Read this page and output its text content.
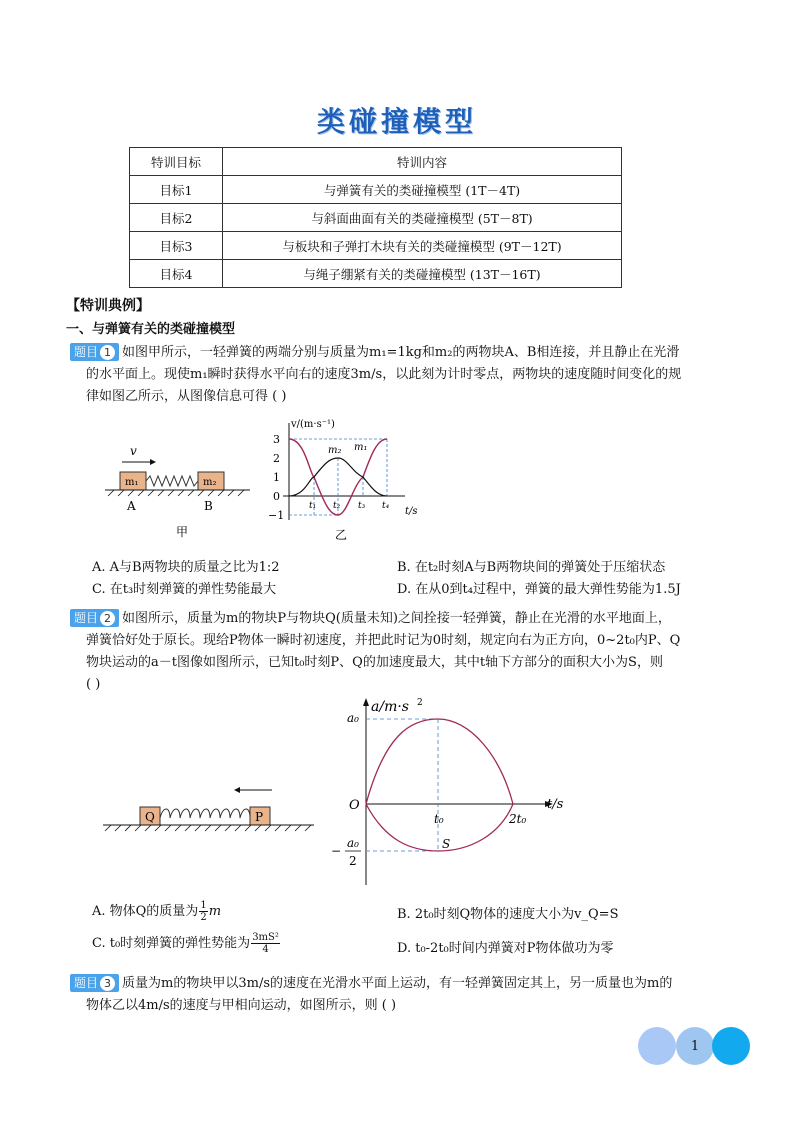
类碰撞模型
特训目标	特训内容
目标1	与弹簧有关的类碰撞模型 (1T－4T)
目标2	与斜面曲面有关的类碰撞模型 (5T－8T)
目标3	与板块和子弹打木块有关的类碰撞模型 (9T－12T)
目标4	与绳子绷紧有关的类碰撞模型 (13T－16T)
【特训典例】
一、与弹簧有关的类碰撞模型
题目 1 如图甲所示，一轻弹簧的两端分别与质量为m₁=1kg和m₂的两物块A、B相连接，并且静止在光滑
的水平面上。现使m₁瞬时获得水平向右的速度3m/s，以此刻为计时零点，两物块的速度随时间变化的规
律如图乙所示，从图像信息可得 ( )
v
m₁	m₂
A	B
甲
v/(m·s⁻¹)
t/s
3
2
1
0
−1
t₁ t₂ t₃ t₄
m₁
m₂
乙
A. A与B两物块的质量之比为1:2	B. 在t₂时刻A与B两物块间的弹簧处于压缩状态
C. 在t₃时刻弹簧的弹性势能最大	D. 在从0到t₄过程中，弹簧的最大弹性势能为1.5J
题目 2 如图所示，质量为m的物块P与物块Q(质量未知)之间拴接一轻弹簧，静止在光滑的水平地面上，
弹簧恰好处于原长。现给P物体一瞬时初速度，并把此时记为0时刻，规定向右为正方向，0~2t₀内P、Q
物块运动的a－t图像如图所示，已知t₀时刻P、Q的加速度最大，其中t轴下方部分的面积大小为S，则
( )
Q	P
a/m·s 2
t/s
O
a₀
−
a₀
2
t₀	2t₀
S
A. 物体Q的质量为 $\frac{1}{2}$ m	B. 2t₀时刻Q物体的速度大小为v_Q=S
C. t₀时刻弹簧的弹性势能为 $\frac{\text{3mS²}}{4}$	D. t₀-2t₀时间内弹簧对P物体做功为零
题目 3 质量为m的物块甲以3m/s的速度在光滑水平面上运动，有一轻弹簧固定其上，另一质量也为m的
物体乙以4m/s的速度与甲相向运动，如图所示，则 ( )
1
